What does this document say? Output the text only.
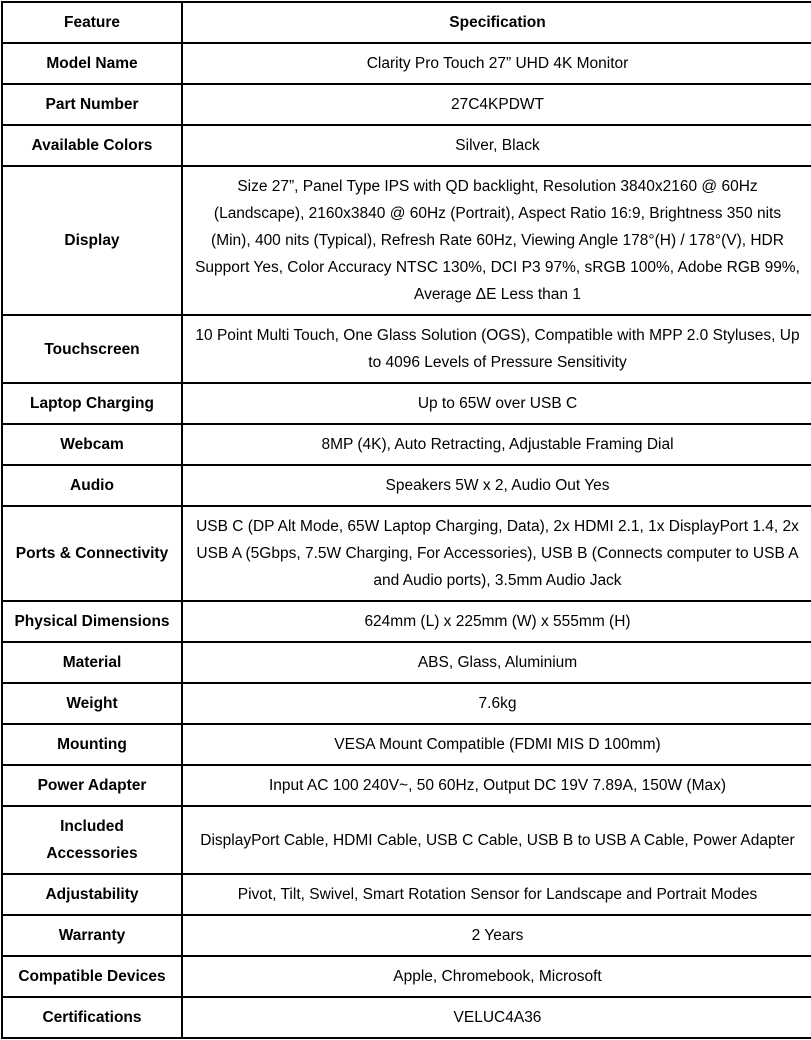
Feature	Specification
Model Name	Clarity Pro Touch 27” UHD 4K Monitor
Part Number	27C4KPDWT
Available Colors	Silver, Black
Display	Size 27”, Panel Type IPS with QD backlight, Resolution 3840x2160 @ 60Hz (Landscape), 2160x3840 @ 60Hz (Portrait), Aspect Ratio 16:9, Brightness 350 nits (Min), 400 nits (Typical), Refresh Rate 60Hz, Viewing Angle 178°(H) / 178°(V), HDR Support Yes, Color Accuracy NTSC 130%, DCI P3 97%, sRGB 100%, Adobe RGB 99%, Average ΔE Less than 1
Touchscreen	10 Point Multi Touch, One Glass Solution (OGS), Compatible with MPP 2.0 Styluses, Up to 4096 Levels of Pressure Sensitivity
Laptop Charging	Up to 65W over USB C
Webcam	8MP (4K), Auto Retracting, Adjustable Framing Dial
Audio	Speakers 5W x 2, Audio Out Yes
Ports & Connectivity	USB C (DP Alt Mode, 65W Laptop Charging, Data), 2x HDMI 2.1, 1x DisplayPort 1.4, 2x USB A (5Gbps, 7.5W Charging, For Accessories), USB B (Connects computer to USB A and Audio ports), 3.5mm Audio Jack
Physical Dimensions	624mm (L) x 225mm (W) x 555mm (H)
Material	ABS, Glass, Aluminium
Weight	7.6kg
Mounting	VESA Mount Compatible (FDMI MIS D 100mm)
Power Adapter	Input AC 100 240V~, 50 60Hz, Output DC 19V 7.89A, 150W (Max)
Included Accessories	DisplayPort Cable, HDMI Cable, USB C Cable, USB B to USB A Cable, Power Adapter
Adjustability	Pivot, Tilt, Swivel, Smart Rotation Sensor for Landscape and Portrait Modes
Warranty	2 Years
Compatible Devices	Apple, Chromebook, Microsoft
Certifications	VELUC4A36
